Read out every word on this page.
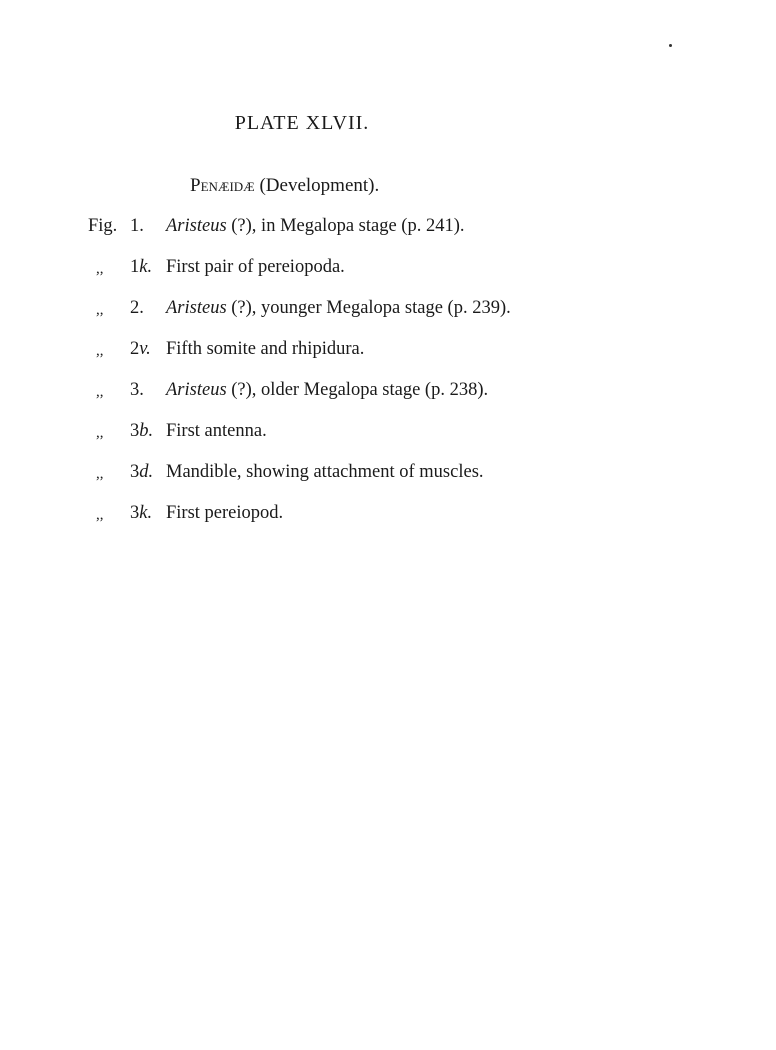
PLATE XLVII.
Penæidæ (Development).
Fig. 1. Aristeus (?), in Megalopa stage (p. 241).
,, 1k. First pair of pereiopoda.
,, 2. Aristeus (?), younger Megalopa stage (p. 239).
,, 2v. Fifth somite and rhipidura.
,, 3. Aristeus (?), older Megalopa stage (p. 238).
,, 3b. First antenna.
,, 3d. Mandible, showing attachment of muscles.
,, 3k. First pereiopod.
